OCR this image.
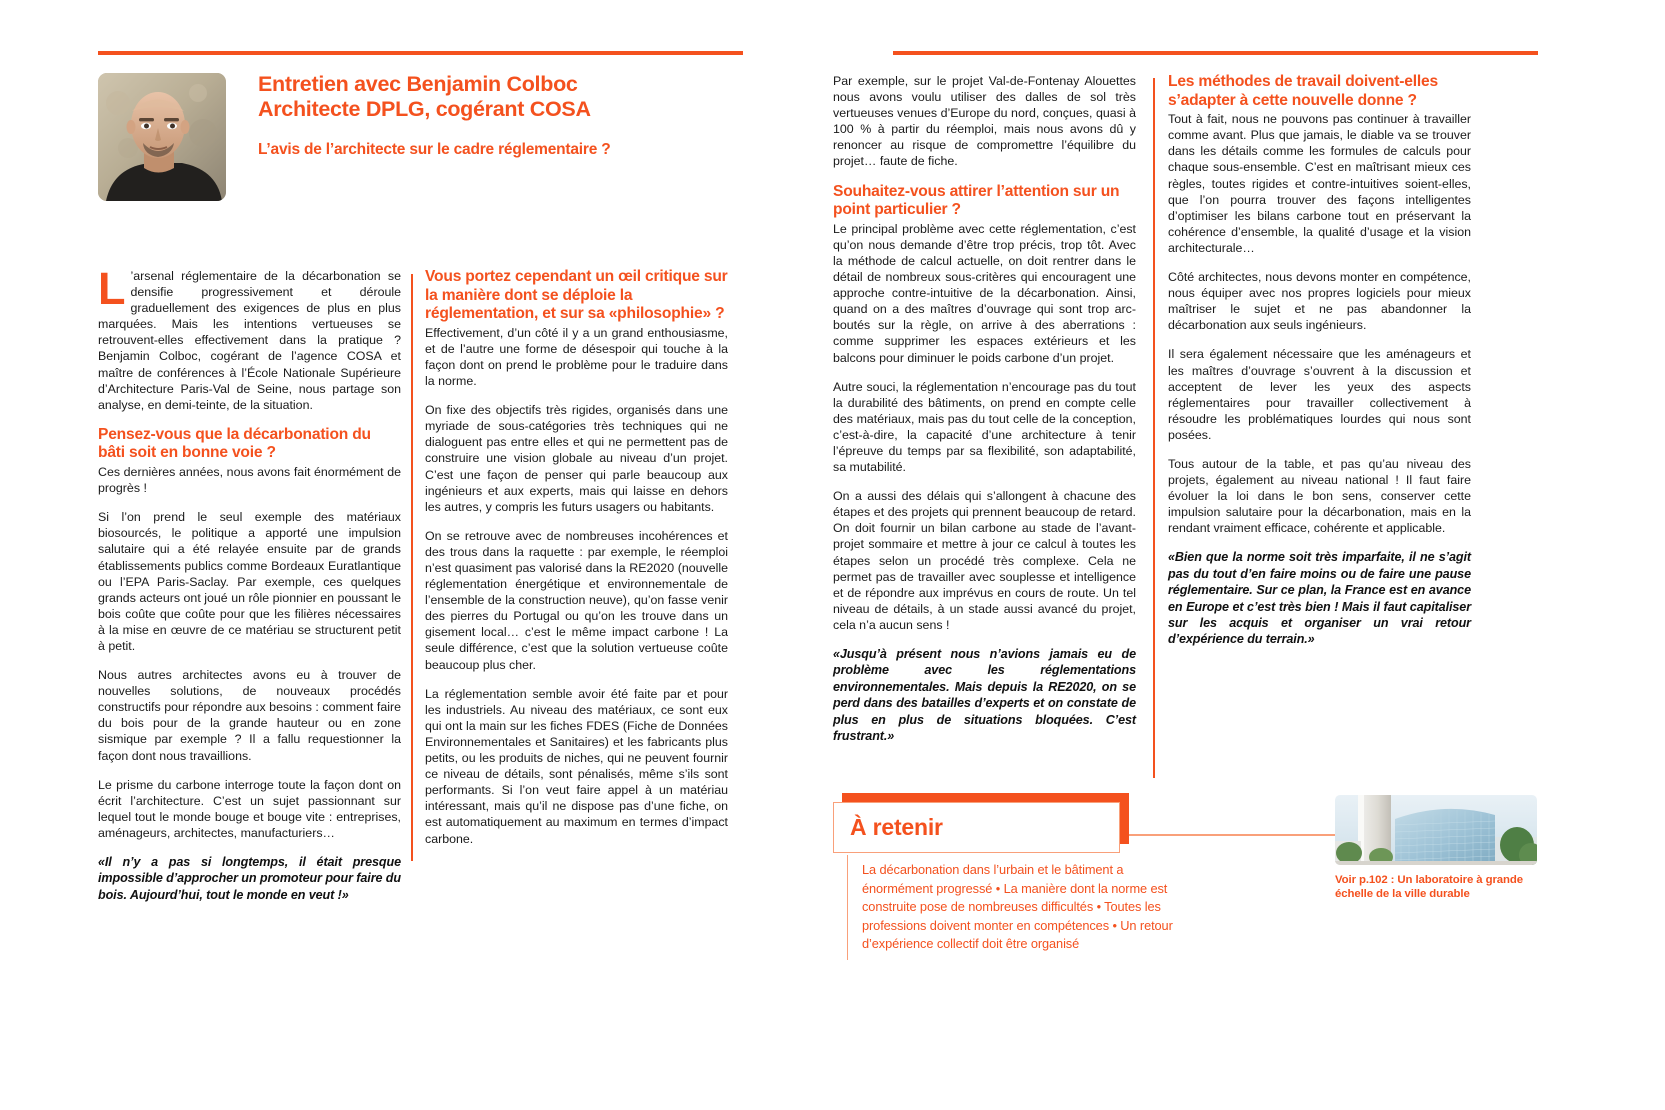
Entretien avec Benjamin Colboc
Architecte DPLG, cogérant COSA
L’avis de l’architecte sur le cadre réglementaire ?

L ’arsenal réglementaire de la décarbonation se densifie progressivement et déroule graduellement des exigences de plus en plus marquées. Mais les intentions vertueuses se retrouvent-elles effectivement dans la pratique ? Benjamin Colboc, cogérant de l’agence COSA et maître de conférences à l’École Nationale Supérieure d’Architecture Paris-Val de Seine, nous partage son analyse, en demi-teinte, de la situation.

Pensez-vous que la décarbonation du bâti soit en bonne voie ?

Ces dernières années, nous avons fait énormément de progrès !

Si l’on prend le seul exemple des matériaux biosourcés, le politique a apporté une impulsion salutaire qui a été relayée ensuite par de grands établissements publics comme Bordeaux Euratlantique ou l’EPA Paris-Saclay. Par exemple, ces quelques grands acteurs ont joué un rôle pionnier en poussant le bois coûte que coûte pour que les filières nécessaires à la mise en œuvre de ce matériau se structurent petit à petit.

Nous autres architectes avons eu à trouver de nouvelles solutions, de nouveaux procédés constructifs pour répondre aux besoins : comment faire du bois pour de la grande hauteur ou en zone sismique par exemple ? Il a fallu requestionner la façon dont nous travaillions.

Le prisme du carbone interroge toute la façon dont on écrit l’architecture. C’est un sujet passionnant sur lequel tout le monde bouge et bouge vite : entreprises, aménageurs, architectes, manufacturiers…

«Il n’y a pas si longtemps, il était presque impossible d’approcher un promoteur pour faire du bois. Aujourd’hui, tout le monde en veut !»

Vous portez cependant un œil critique sur la manière dont se déploie la réglementation, et sur sa «philosophie» ?

Effectivement, d’un côté il y a un grand enthousiasme, et de l’autre une forme de désespoir qui touche à la façon dont on prend le problème pour le traduire dans la norme.

On fixe des objectifs très rigides, organisés dans une myriade de sous-catégories très techniques qui ne dialoguent pas entre elles et qui ne permettent pas de construire une vision globale au niveau d’un projet. C’est une façon de penser qui parle beaucoup aux ingénieurs et aux experts, mais qui laisse en dehors les autres, y compris les futurs usagers ou habitants.

On se retrouve avec de nombreuses incohérences et des trous dans la raquette : par exemple, le réemploi n’est quasiment pas valorisé dans la RE2020 (nouvelle réglementation énergétique et environnementale de l’ensemble de la construction neuve), qu’on fasse venir des pierres du Portugal ou qu’on les trouve dans un gisement local… c’est le même impact carbone ! La seule différence, c’est que la solution vertueuse coûte beaucoup plus cher.

La réglementation semble avoir été faite par et pour les industriels. Au niveau des matériaux, ce sont eux qui ont la main sur les fiches FDES (Fiche de Données Environnementales et Sanitaires) et les fabricants plus petits, ou les produits de niches, qui ne peuvent fournir ce niveau de détails, sont pénalisés, même s’ils sont performants. Si l’on veut faire appel à un matériau intéressant, mais qu’il ne dispose pas d’une fiche, on est automatiquement au maximum en termes d’impact carbone.

Par exemple, sur le projet Val-de-Fontenay Alouettes nous avons voulu utiliser des dalles de sol très vertueuses venues d’Europe du nord, conçues, quasi à 100 % à partir du réemploi, mais nous avons dû y renoncer au risque de compromettre l’équilibre du projet… faute de fiche.

Souhaitez-vous attirer l’attention sur un point particulier ?

Le principal problème avec cette réglementation, c’est qu’on nous demande d’être trop précis, trop tôt. Avec la méthode de calcul actuelle, on doit rentrer dans le détail de nombreux sous-critères qui encouragent une approche contre-intuitive de la décarbonation. Ainsi, quand on a des maîtres d’ouvrage qui sont trop arc-boutés sur la règle, on arrive à des aberrations : comme supprimer les espaces extérieurs et les balcons pour diminuer le poids carbone d’un projet.

Autre souci, la réglementation n’encourage pas du tout la durabilité des bâtiments, on prend en compte celle des matériaux, mais pas du tout celle de la conception, c’est-à-dire, la capacité d’une architecture à tenir l’épreuve du temps par sa flexibilité, son adaptabilité, sa mutabilité.

On a aussi des délais qui s’allongent à chacune des étapes et des projets qui prennent beaucoup de retard. On doit fournir un bilan carbone au stade de l’avant-projet sommaire et mettre à jour ce calcul à toutes les étapes selon un procédé très complexe. Cela ne permet pas de travailler avec souplesse et intelligence et de répondre aux imprévus en cours de route. Un tel niveau de détails, à un stade aussi avancé du projet, cela n’a aucun sens !

«Jusqu’à présent nous n’avions jamais eu de problème avec les réglementations environnementales. Mais depuis la RE2020, on se perd dans des batailles d’experts et on constate de plus en plus de situations bloquées. C’est frustrant.»

Les méthodes de travail doivent-elles s’adapter à cette nouvelle donne ?

Tout à fait, nous ne pouvons pas continuer à travailler comme avant. Plus que jamais, le diable va se trouver dans les détails comme les formules de calculs pour chaque sous-ensemble. C’est en maîtrisant mieux ces règles, toutes rigides et contre-intuitives soient-elles, que l’on pourra trouver des façons intelligentes d’optimiser les bilans carbone tout en préservant la cohérence d’ensemble, la qualité d’usage et la vision architecturale…

Côté architectes, nous devons monter en compétence, nous équiper avec nos propres logiciels pour mieux maîtriser le sujet et ne pas abandonner la décarbonation aux seuls ingénieurs.

Il sera également nécessaire que les aménageurs et les maîtres d’ouvrage s’ouvrent à la discussion et acceptent de lever les yeux des aspects réglementaires pour travailler collectivement à résoudre les problématiques lourdes qui nous sont posées.

Tous autour de la table, et pas qu’au niveau des projets, également au niveau national ! Il faut faire évoluer la loi dans le bon sens, conserver cette impulsion salutaire pour la décarbonation, mais en la rendant vraiment efficace, cohérente et applicable.

«Bien que la norme soit très imparfaite, il ne s’agit pas du tout d’en faire moins ou de faire une pause réglementaire. Sur ce plan, la France est en avance en Europe et c’est très bien ! Mais il faut capitaliser sur les acquis et organiser un vrai retour d’expérience du terrain.»

À retenir
La décarbonation dans l’urbain et le bâtiment a énormément progressé • La manière dont la norme est construite pose de nombreuses difficultés • Toutes les professions doivent monter en compétences • Un retour d’expérience collectif doit être organisé
Voir p.102 : Un laboratoire à grande échelle de la ville durable
